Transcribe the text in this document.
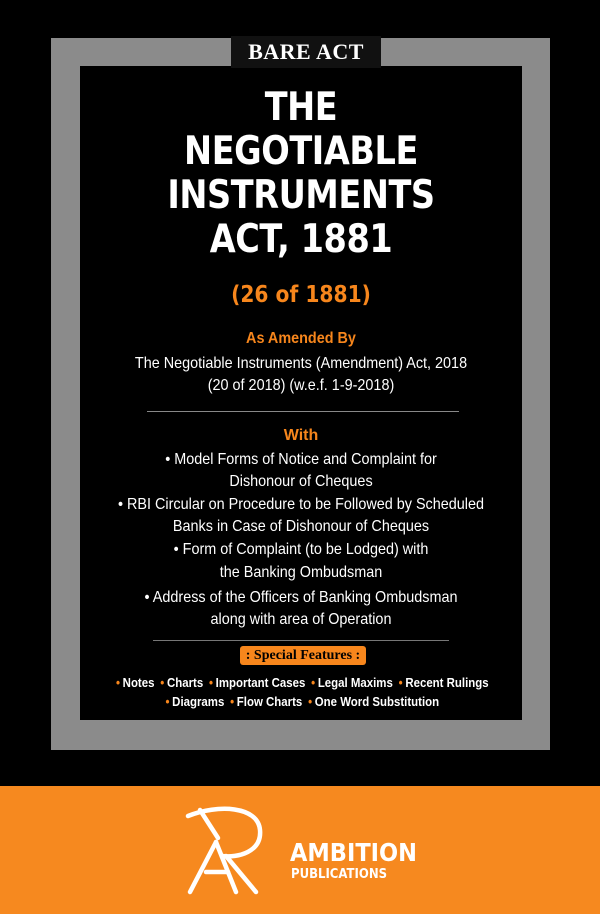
BARE ACT
THE
NEGOTIABLE
INSTRUMENTS
ACT, 1881
(26 of 1881)
As Amended By
The Negotiable Instruments (Amendment) Act, 2018
(20 of 2018) (w.e.f. 1-9-2018)
With
• Model Forms of Notice and Complaint for
Dishonour of Cheques
• RBI Circular on Procedure to be Followed by Scheduled
Banks in Case of Dishonour of Cheques
• Form of Complaint (to be Lodged) with
the Banking Ombudsman
• Address of the Officers of Banking Ombudsman
along with area of Operation
: Special Features :
• Notes • Charts • Important Cases • Legal Maxims • Recent Rulings
• Diagrams • Flow Charts • One Word Substitution
AMBITION
PUBLICATIONS
